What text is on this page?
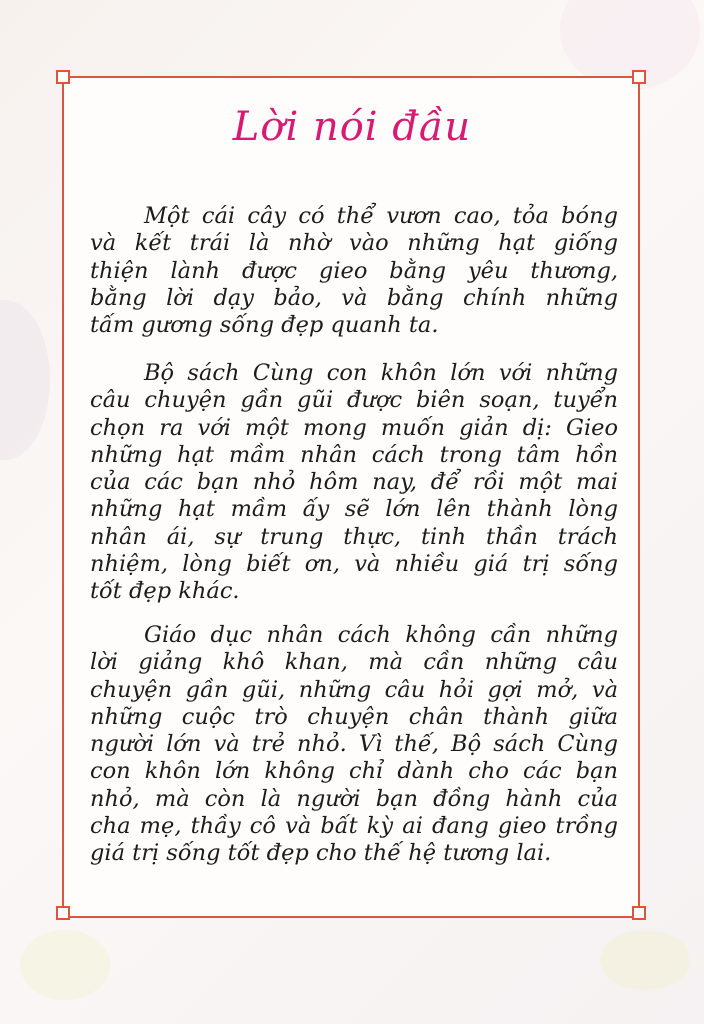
Lời nói đầu
Một cái cây có thể vươn cao, tỏa bóng
và kết trái là nhờ vào những hạt giống
thiện lành được gieo bằng yêu thương,
bằng lời dạy bảo, và bằng chính những
tấm gương sống đẹp quanh ta.
Bộ sách Cùng con khôn lớn với những
câu chuyện gần gũi được biên soạn, tuyển
chọn ra với một mong muốn giản dị: Gieo
những hạt mầm nhân cách trong tâm hồn
của các bạn nhỏ hôm nay, để rồi một mai
những hạt mầm ấy sẽ lớn lên thành lòng
nhân ái, sự trung thực, tinh thần trách
nhiệm, lòng biết ơn, và nhiều giá trị sống
tốt đẹp khác.
Giáo dục nhân cách không cần những
lời giảng khô khan, mà cần những câu
chuyện gần gũi, những câu hỏi gợi mở, và
những cuộc trò chuyện chân thành giữa
người lớn và trẻ nhỏ. Vì thế, Bộ sách Cùng
con khôn lớn không chỉ dành cho các bạn
nhỏ, mà còn là người bạn đồng hành của
cha mẹ, thầy cô và bất kỳ ai đang gieo trồng
giá trị sống tốt đẹp cho thế hệ tương lai.
